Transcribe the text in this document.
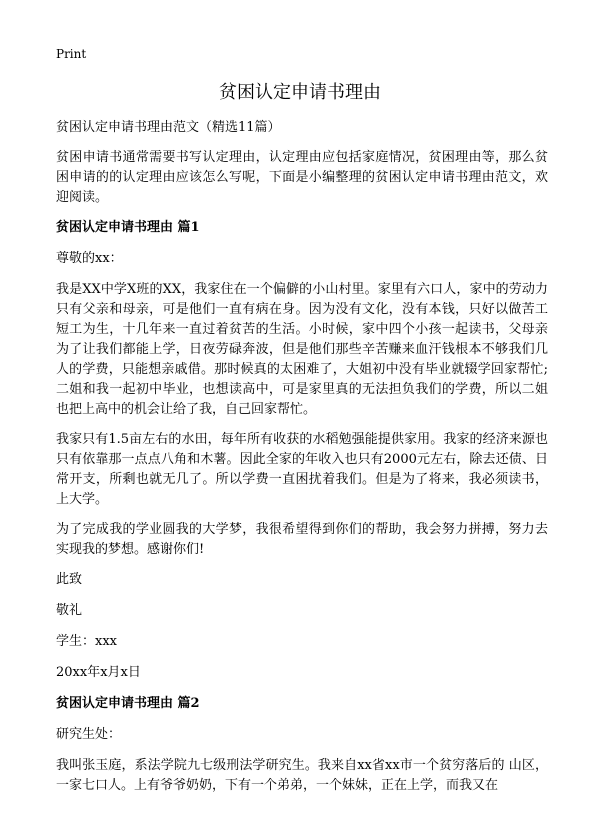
Print
贫困认定申请书理由

贫困认定申请书理由范文（精选11篇）

贫困申请书通常需要书写认定理由，认定理由应包括家庭情况，贫困理由等，那么贫困申请的的认定理由应该怎么写呢，下面是小编整理的贫困认定申请书理由范文，欢迎阅读。

贫困认定申请书理由 篇1

尊敬的xx：

我是XX中学X班的XX，我家住在一个偏僻的小山村里。家里有六口人，家中的劳动力只有父亲和母亲，可是他们一直有病在身。因为没有文化，没有本钱，只好以做苦工短工为生，十几年来一直过着贫苦的生活。小时候，家中四个小孩一起读书，父母亲为了让我们都能上学，日夜劳碌奔波，但是他们那些辛苦赚来血汗钱根本不够我们几人的学费，只能想亲戚借。那时候真的太困难了，大姐初中没有毕业就辍学回家帮忙;二姐和我一起初中毕业，也想读高中，可是家里真的无法担负我们的学费，所以二姐也把上高中的机会让给了我，自己回家帮忙。

我家只有1.5亩左右的水田，每年所有收获的水稻勉强能提供家用。我家的经济来源也只有依靠那一点点八角和木薯。因此全家的年收入也只有2000元左右，除去还债、日常开支，所剩也就无几了。所以学费一直困扰着我们。但是为了将来，我必须读书，上大学。

为了完成我的学业圆我的大学梦，我很希望得到你们的帮助，我会努力拼搏，努力去实现我的梦想。感谢你们!

此致

敬礼

学生：xxx

20xx年x月x日

贫困认定申请书理由 篇2

研究生处：

我叫张玉庭，系法学院九七级刑法学研究生。我来自xx省xx市一个贫穷落后的 山区，一家七口人。上有爷爷奶奶，下有一个弟弟，一个妹妹，正在上学，而我又在
